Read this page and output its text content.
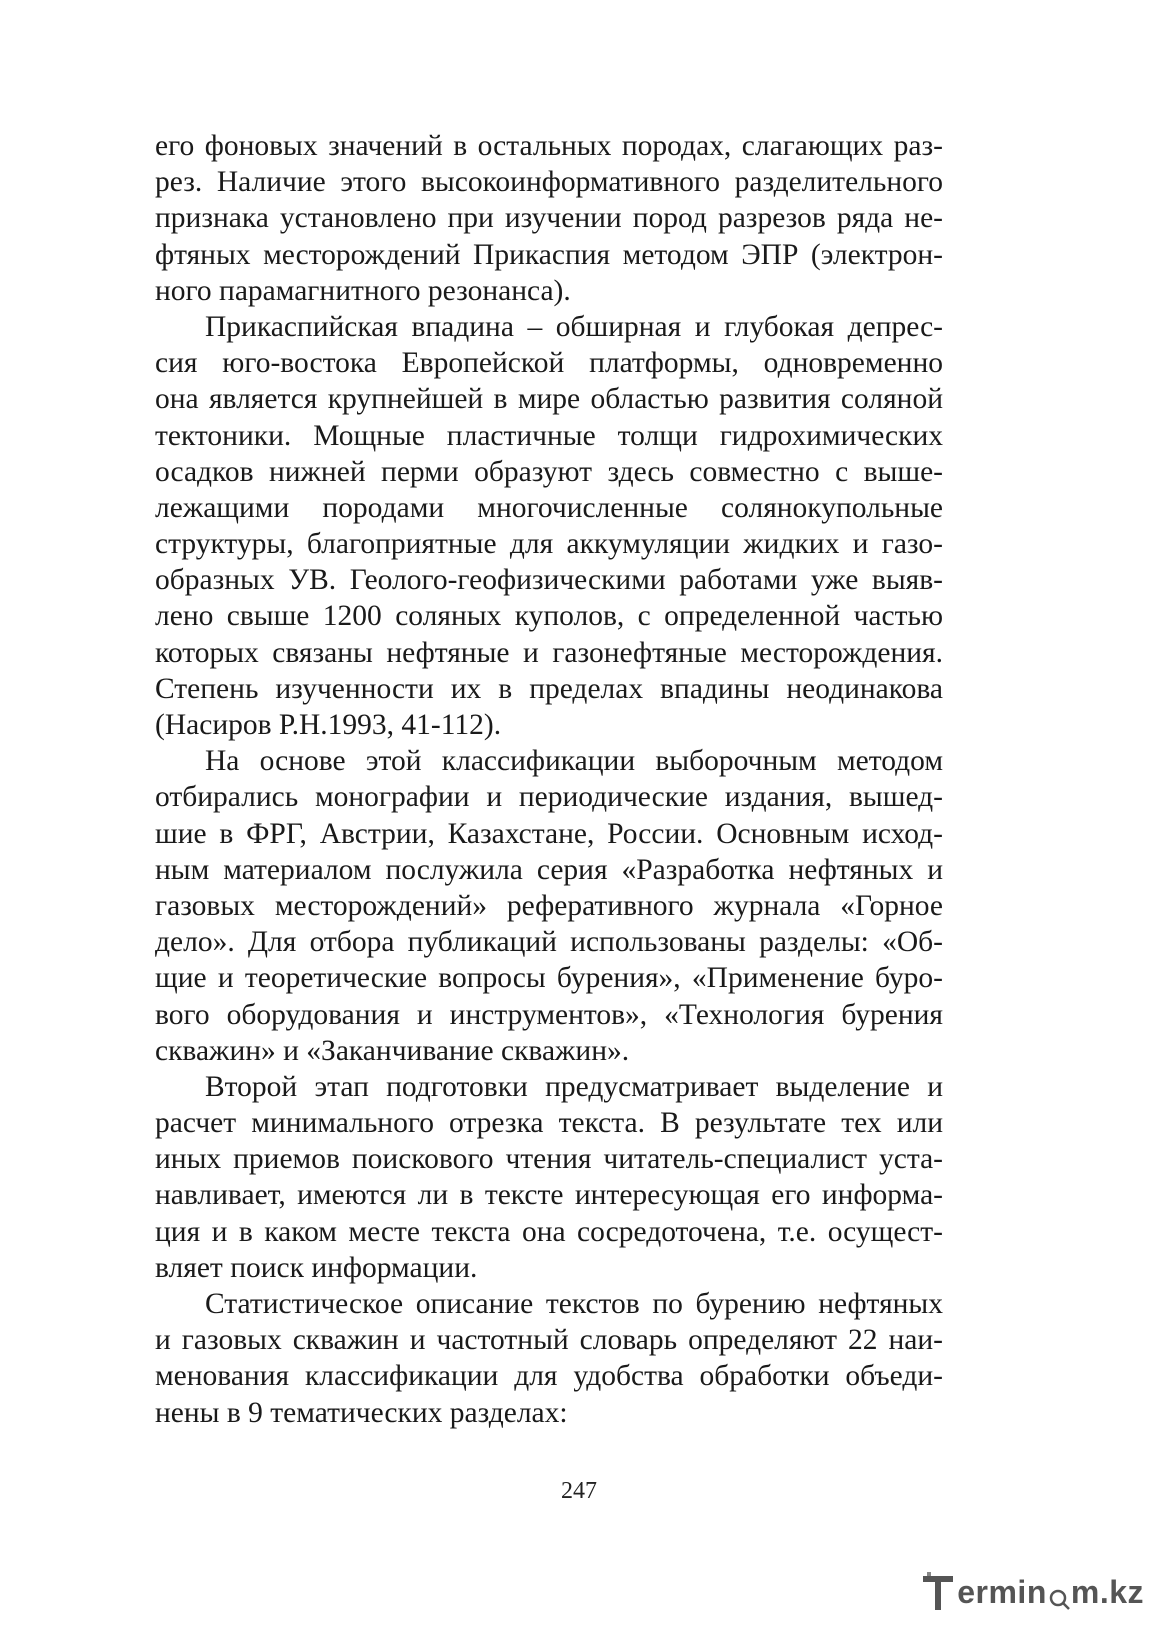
его фоновых значений в остальных породах, слагающих раз-
рез. Наличие этого высокоинформативного разделительного
признака установлено при изучении пород разрезов ряда не-
фтяных месторождений Прикаспия методом ЭПР (электрон-
ного парамагнитного резонанса).
Прикаспийская впадина – обширная и глубокая депрес-
сия юго-востока Европейской платформы, одновременно
она является крупнейшей в мире областью развития соляной
тектоники. Мощные пластичные толщи гидрохимических
осадков нижней перми образуют здесь совместно с выше-
лежащими породами многочисленные солянокупольные
структуры, благоприятные для аккумуляции жидких и газо-
образных УВ. Геолого-геофизическими работами уже выяв-
лено свыше 1200 соляных куполов, с определенной частью
которых связаны нефтяные и газонефтяные месторождения.
Степень изученности их в пределах впадины неодинакова
(Насиров Р.Н.1993, 41-112).
На основе этой классификации выборочным методом
отбирались монографии и периодические издания, вышед-
шие в ФРГ, Австрии, Казахстане, России. Основным исход-
ным материалом послужила серия «Разработка нефтяных и
газовых месторождений» реферативного журнала «Горное
дело». Для отбора публикаций использованы разделы: «Об-
щие и теоретические вопросы бурения», «Применение буро-
вого оборудования и инструментов», «Технология бурения
скважин» и «Заканчивание скважин».
Второй этап подготовки предусматривает выделение и
расчет минимального отрезка текста. В результате тех или
иных приемов поискового чтения читатель-специалист уста-
навливает, имеются ли в тексте интересующая его информа-
ция и в каком месте текста она сосредоточена, т.е. осущест-
вляет поиск информации.
Статистическое описание текстов по бурению нефтяных
и газовых скважин и частотный словарь определяют 22 наи-
менования классификации для удобства обработки объеди-
нены в 9 тематических разделах:
247
ermin m.kz
